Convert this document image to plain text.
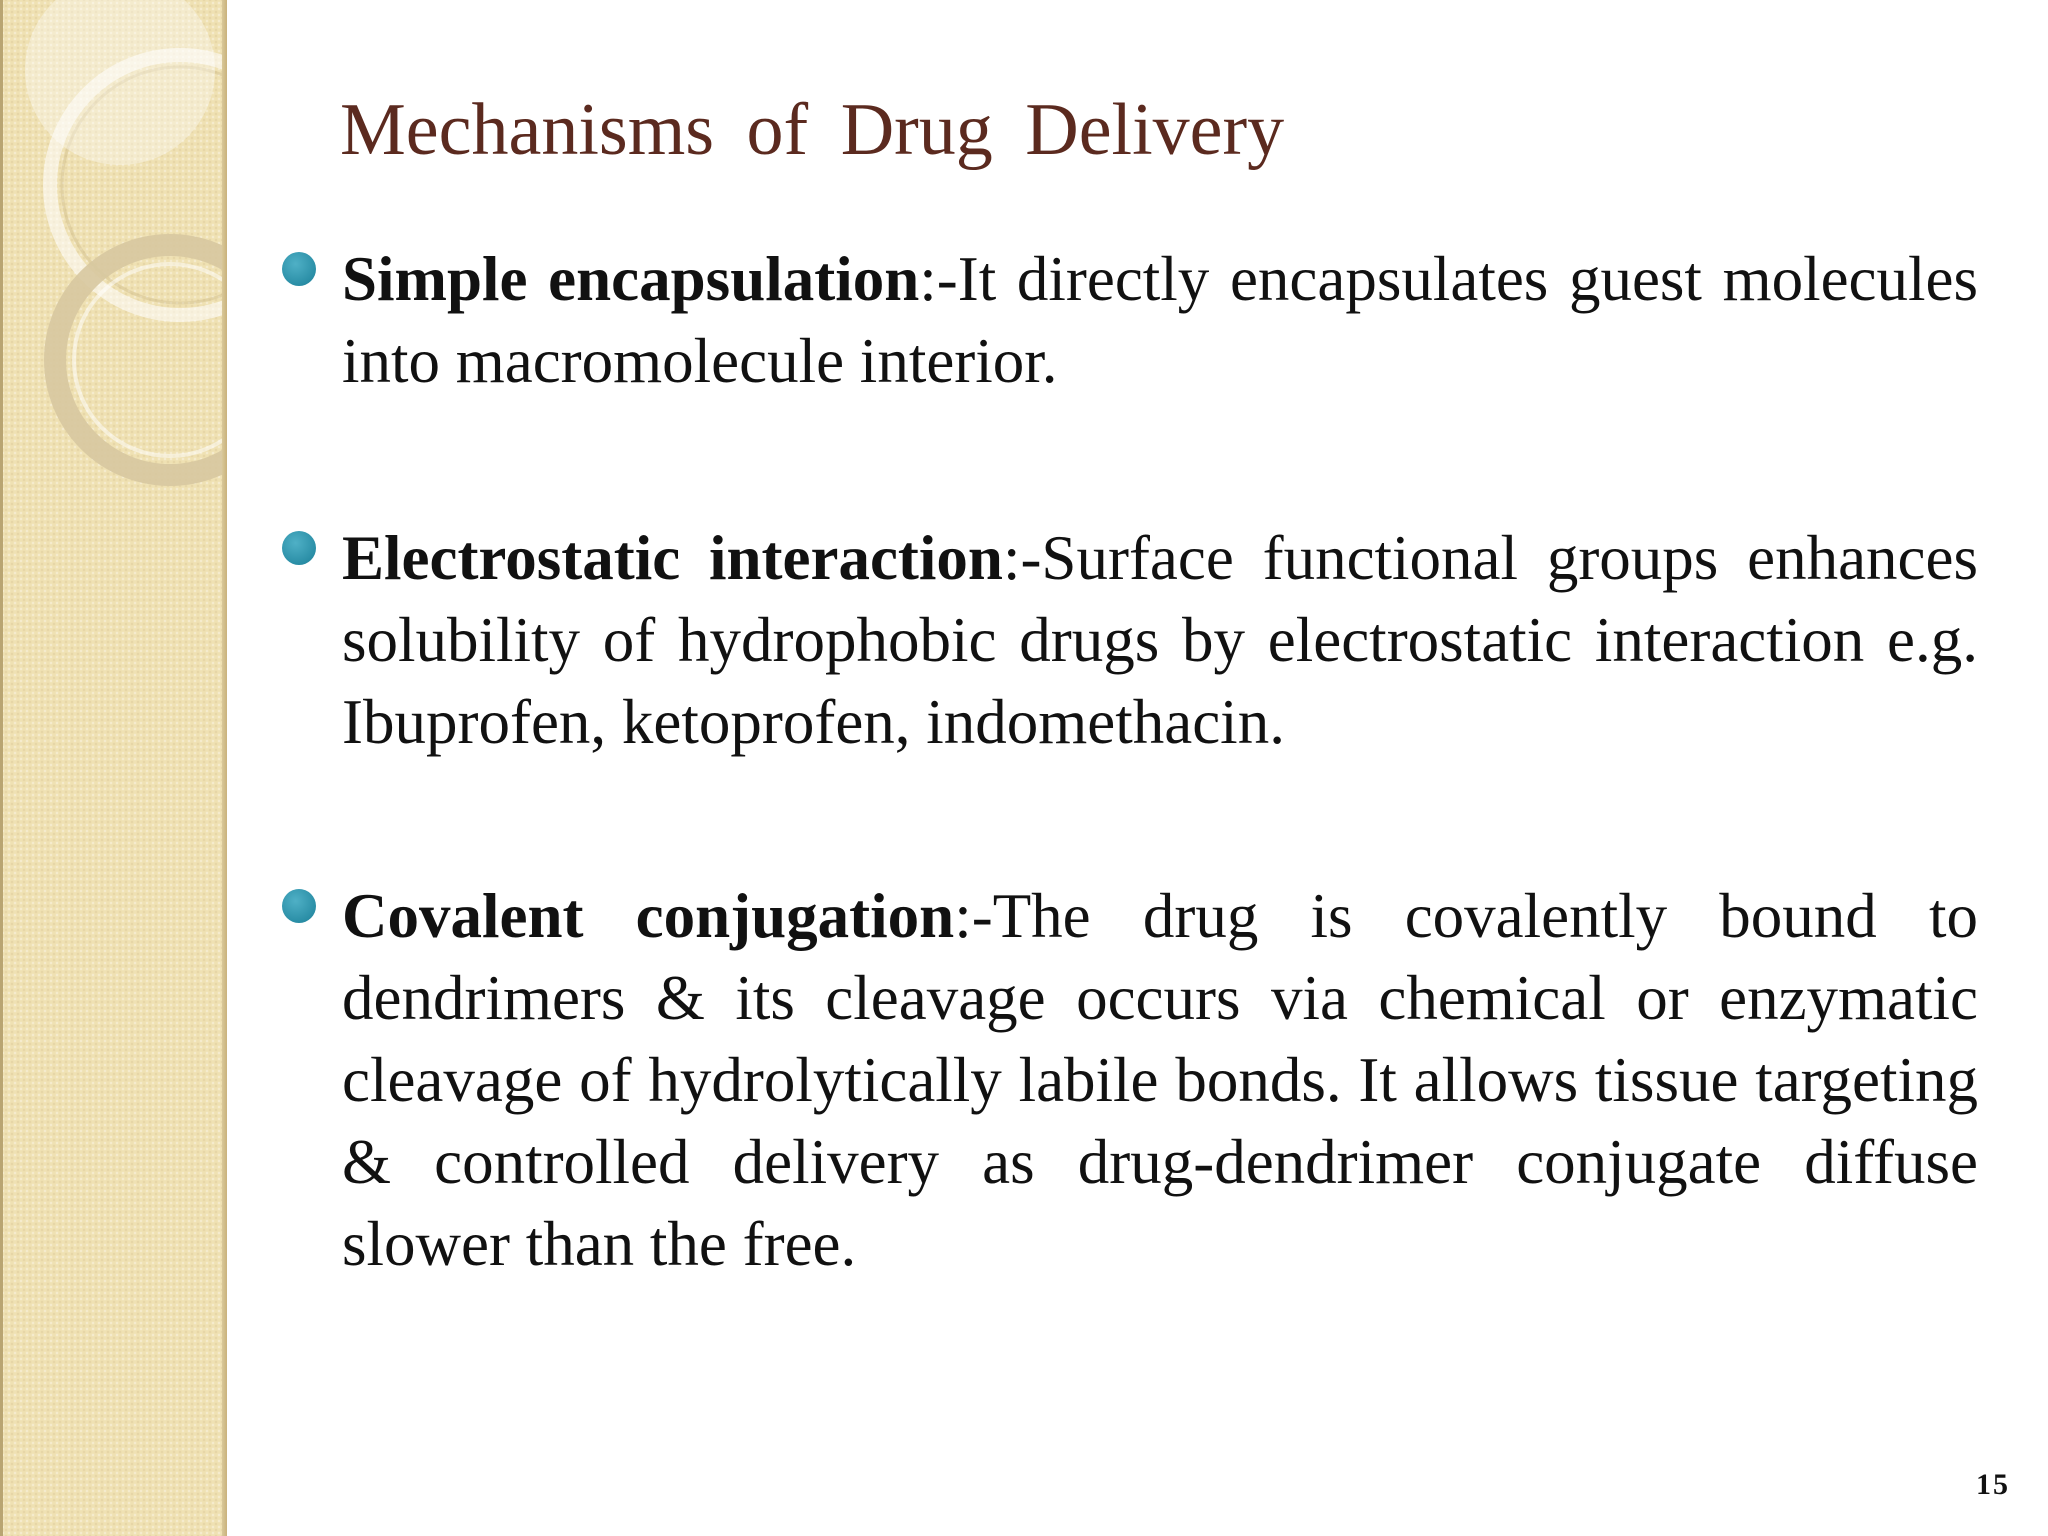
Mechanisms of Drug Delivery
Simple encapsulation:-It directly encapsulates guest molecules into macromolecule interior.
Electrostatic interaction:-Surface functional groups enhances solubility of hydrophobic drugs by electrostatic interaction e.g. Ibuprofen, ketoprofen, indomethacin.
Covalent conjugation:-The drug is covalently bound to dendrimers & its cleavage occurs via chemical or enzymatic cleavage of hydrolytically labile bonds. It allows tissue targeting & controlled delivery as drug-dendrimer conjugate diffuse slower than the free.
15
